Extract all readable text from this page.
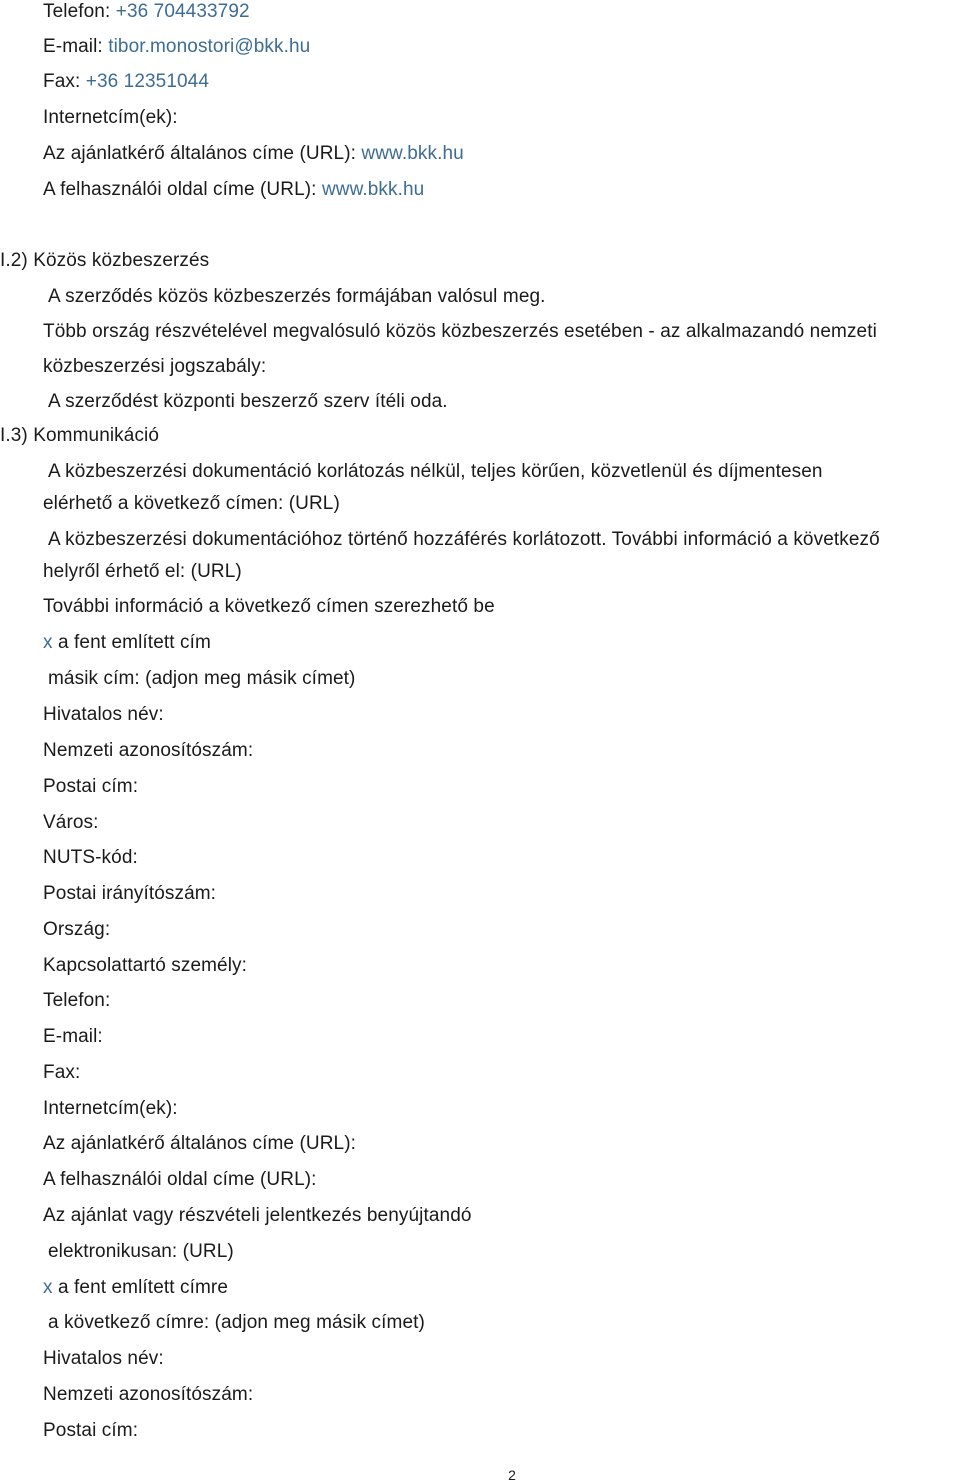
Telefon: +36 704433792
E-mail: tibor.monostori@bkk.hu
Fax: +36 12351044
Internetcím(ek):
Az ajánlatkérő általános címe (URL): www.bkk.hu
A felhasználói oldal címe (URL): www.bkk.hu
I.2) Közös közbeszerzés
A szerződés közös közbeszerzés formájában valósul meg.
Több ország részvételével megvalósuló közös közbeszerzés esetében - az alkalmazandó nemzeti
közbeszerzési jogszabály:
A szerződést központi beszerző szerv ítéli oda.
I.3) Kommunikáció
A közbeszerzési dokumentáció korlátozás nélkül, teljes körűen, közvetlenül és díjmentesen
elérhető a következő címen: (URL)
A közbeszerzési dokumentációhoz történő hozzáférés korlátozott. További információ a következő
helyről érhető el: (URL)
További információ a következő címen szerezhető be
x a fent említett cím
másik cím: (adjon meg másik címet)
Hivatalos név:
Nemzeti azonosítószám:
Postai cím:
Város:
NUTS-kód:
Postai irányítószám:
Ország:
Kapcsolattartó személy:
Telefon:
E-mail:
Fax:
Internetcím(ek):
Az ajánlatkérő általános címe (URL):
A felhasználói oldal címe (URL):
Az ajánlat vagy részvételi jelentkezés benyújtandó
elektronikusan: (URL)
x a fent említett címre
a következő címre: (adjon meg másik címet)
Hivatalos név:
Nemzeti azonosítószám:
Postai cím:
2
